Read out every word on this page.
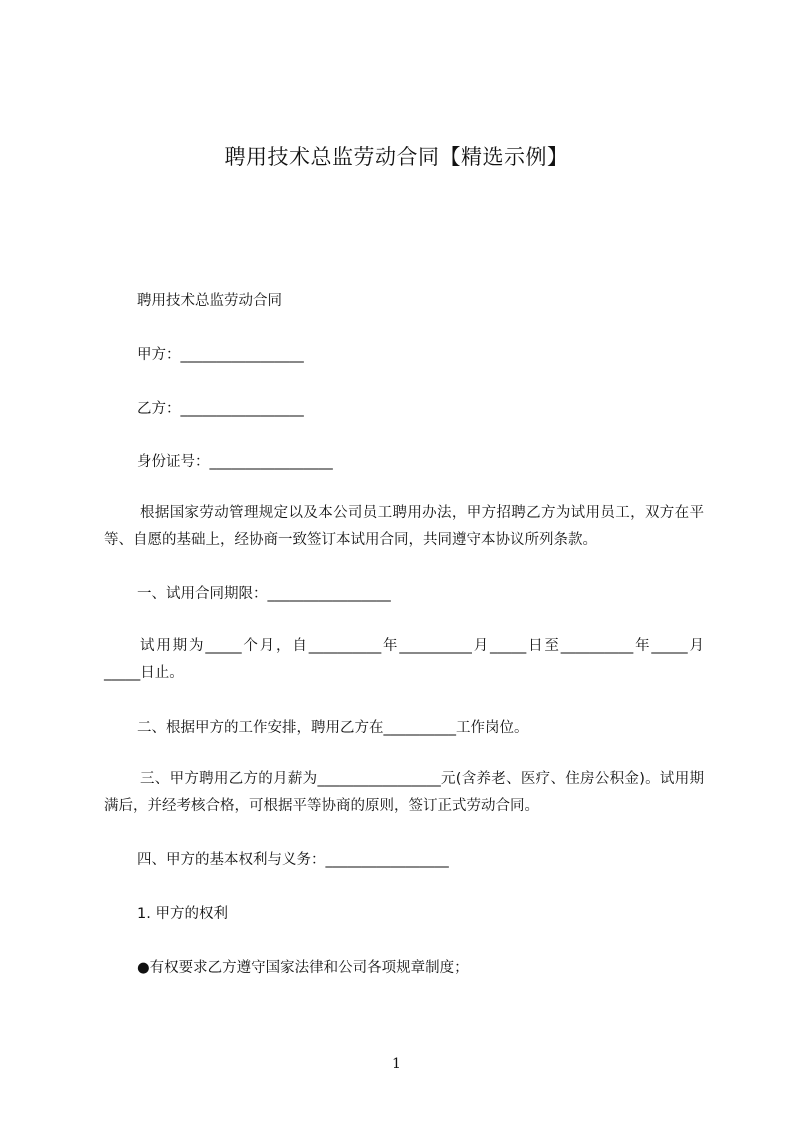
聘用技术总监劳动合同【精选示例】
聘用技术总监劳动合同
甲方：_________________
乙方：_________________
身份证号：_________________
根据国家劳动管理规定以及本公司员工聘用办法，甲方招聘乙方为试用员工，双方在平等、自愿的基础上，经协商一致签订本试用合同，共同遵守本协议所列条款。
一、试用合同期限：_________________
试用期为_____个月，自__________年__________月_____日至__________年_____月_____日止。
二、根据甲方的工作安排，聘用乙方在__________工作岗位。
三、甲方聘用乙方的月薪为_________________元(含养老、医疗、住房公积金)。试用期满后，并经考核合格，可根据平等协商的原则，签订正式劳动合同。
四、甲方的基本权利与义务：_________________
1. 甲方的权利
●有权要求乙方遵守国家法律和公司各项规章制度；
1
